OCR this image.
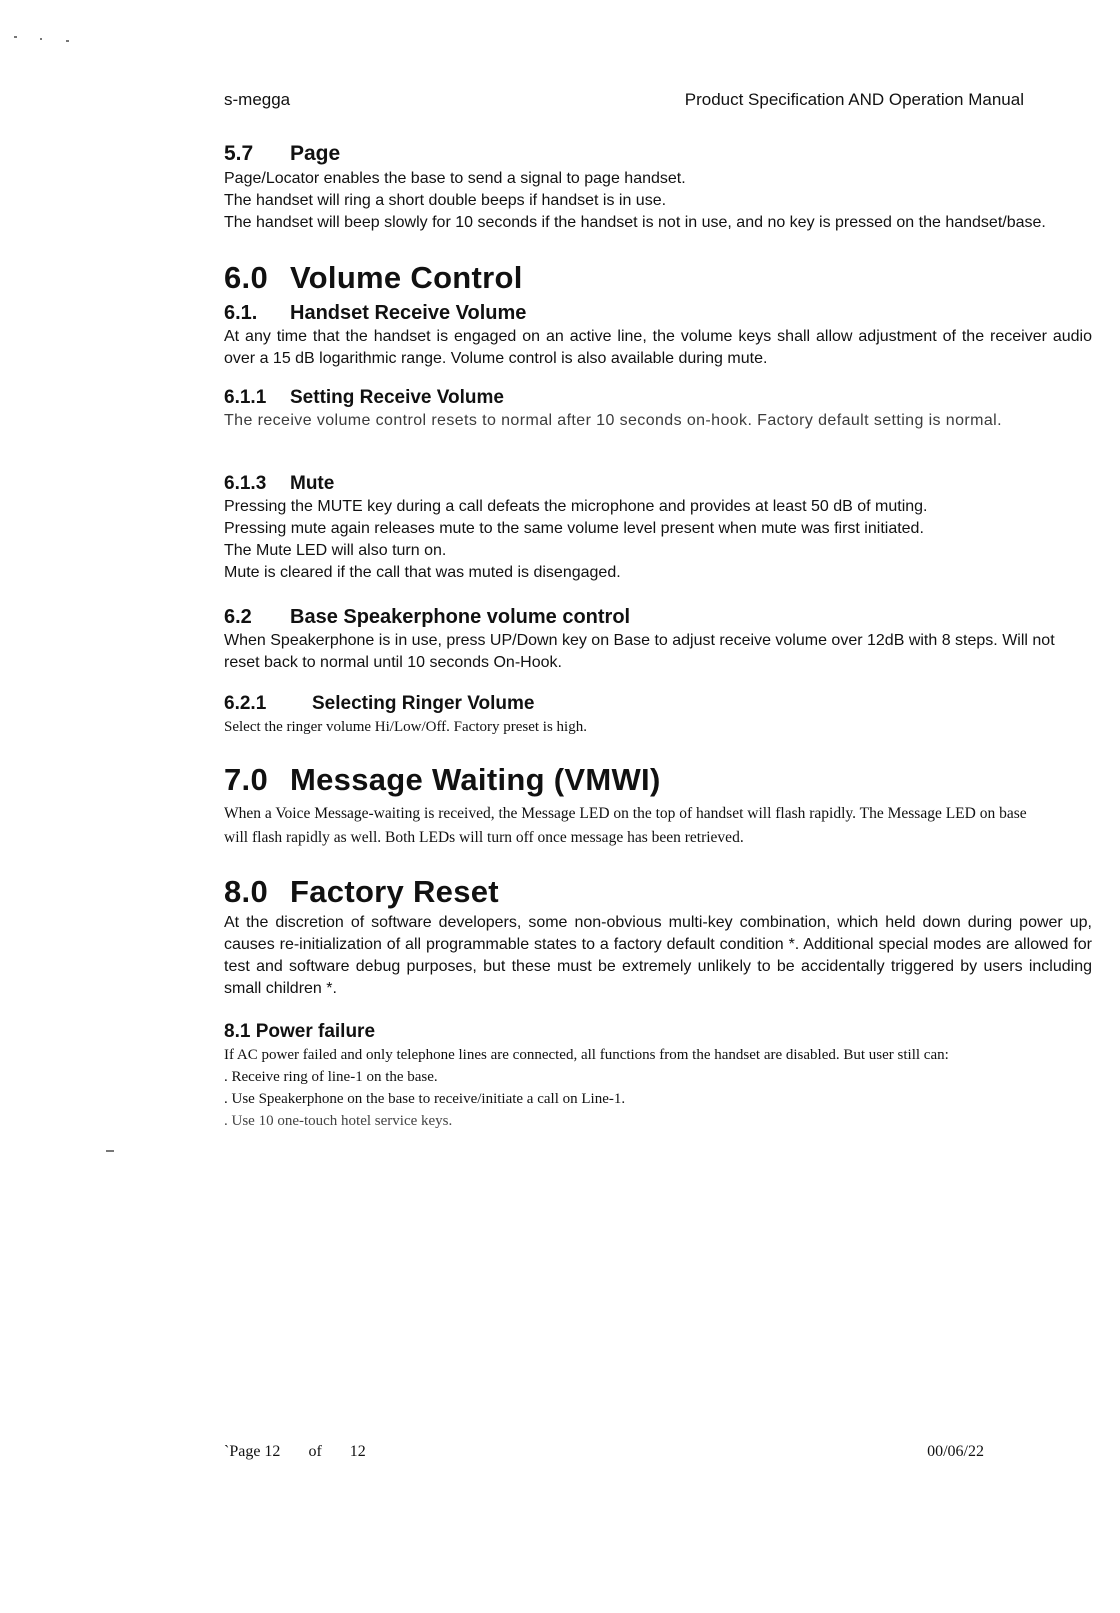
s-megga	Product Specification AND Operation Manual
5.7 Page

Page/Locator enables the base to send a signal to page handset.

The handset will ring a short double beeps if handset is in use.

The handset will beep slowly for 10 seconds if the handset is not in use, and no key is pressed on the handset/base.

6.0 Volume Control
6.1. Handset Receive Volume

At any time that the handset is engaged on an active line, the volume keys shall allow adjustment of the receiver audio over a 15 dB logarithmic range. Volume control is also available during mute.

6.1.1 Setting Receive Volume

The receive volume control resets to normal after 10 seconds on-hook. Factory default setting is normal.

6.1.3 Mute

Pressing the MUTE key during a call defeats the microphone and provides at least 50 dB of muting.

Pressing mute again releases mute to the same volume level present when mute was first initiated.

The Mute LED will also turn on.

Mute is cleared if the call that was muted is disengaged.

6.2 Base Speakerphone volume control

When Speakerphone is in use, press UP/Down key on Base to adjust receive volume over 12dB with 8 steps. Will not reset back to normal until 10 seconds On-Hook.

6.2.1 Selecting Ringer Volume

Select the ringer volume Hi/Low/Off. Factory preset is high.

7.0 Message Waiting (VMWI)

When a Voice Message-waiting is received, the Message LED on the top of handset will flash rapidly. The Message LED on base will flash rapidly as well. Both LEDs will turn off once message has been retrieved.

8.0 Factory Reset

At the discretion of software developers, some non-obvious multi-key combination, which held down during power up, causes re-initialization of all programmable states to a factory default condition *. Additional special modes are allowed for test and software debug purposes, but these must be extremely unlikely to be accidentally triggered by users including small children *.

8.1 Power failure

If AC power failed and only telephone lines are connected, all functions from the handset are disabled. But user still can:

. Receive ring of line-1 on the base.
. Use Speakerphone on the base to receive/initiate a call on Line-1.
. Use 10 one-touch hotel service keys.
`Page 12 of 12	00/06/22
